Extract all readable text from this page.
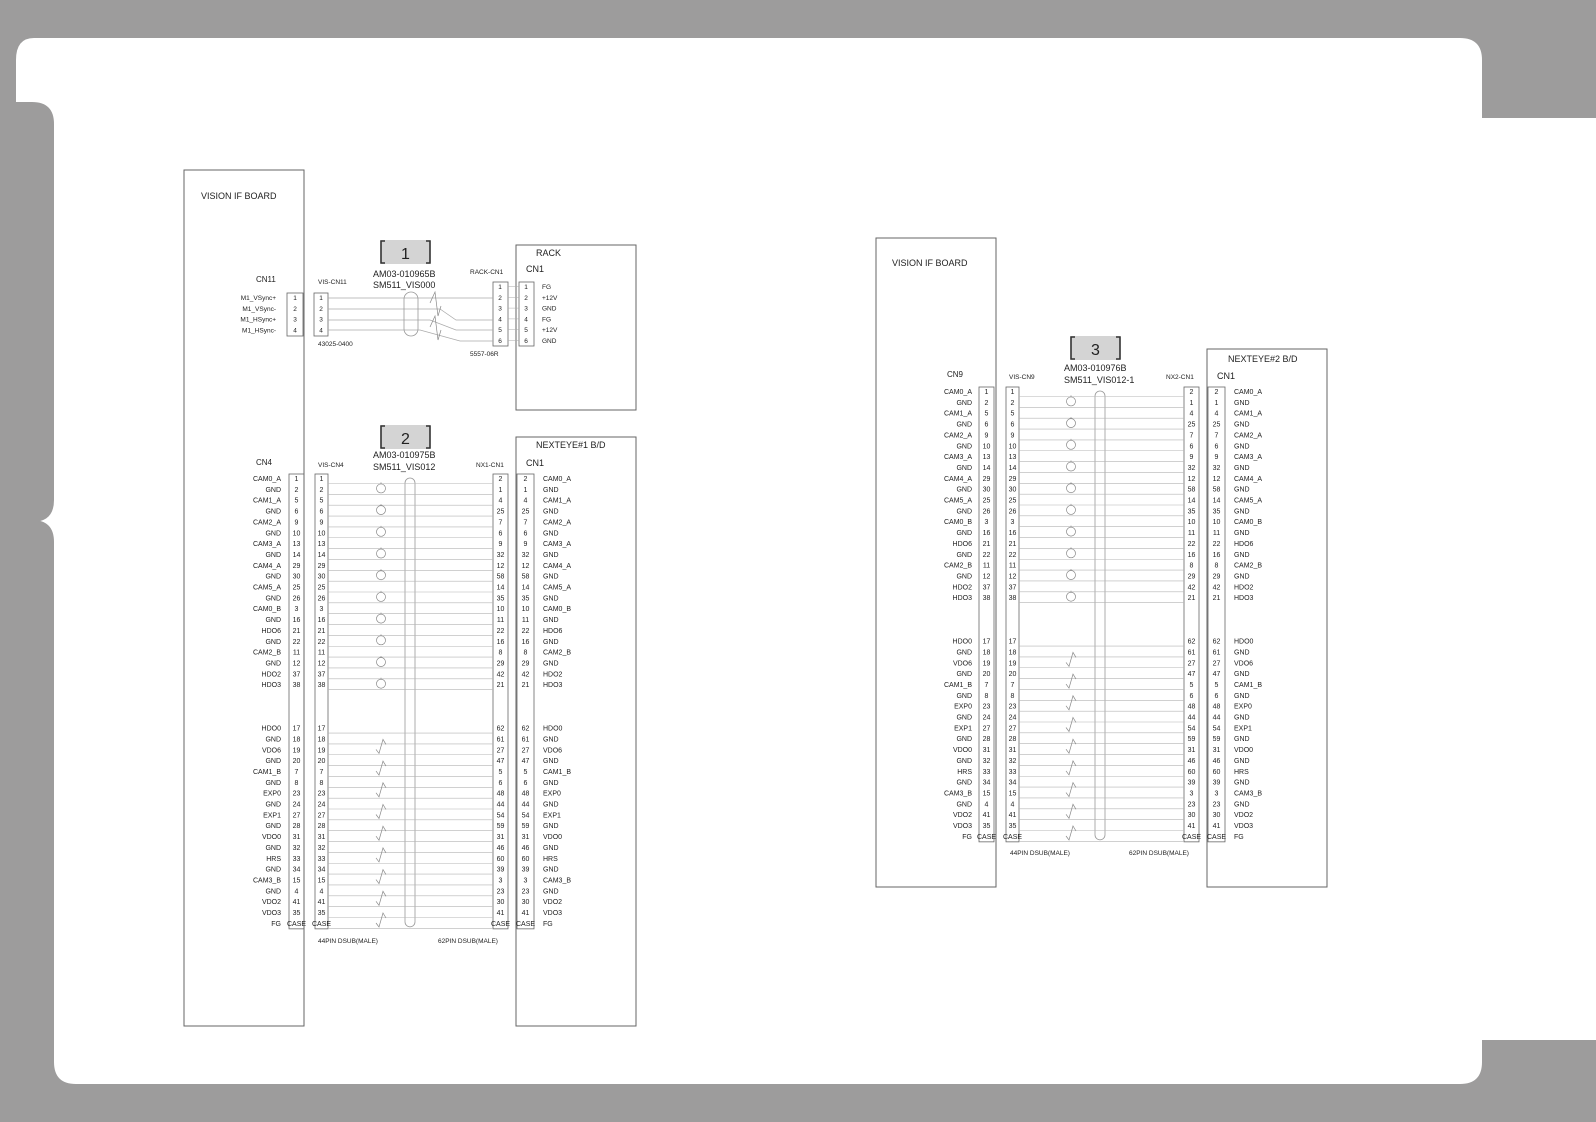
VISION IF BOARD
RACK
CN1
1
AM03-010965B
SM511_VIS000
CN11	VIS-CN11
RACK-CN1
M1_VSync+	1	1
M1_VSync-	2	2
M1_HSync+	3	3
M1_HSync-	4	4
1	1 FG
2	2 +12V
3	3 GND
4	4 FG
5	5 +12V
6	6 GND
43025-0400
5557-06R
NEXTEYE#1 B/D
CN1
2
AM03-010975B
SM511_VIS012
CN4	VIS-CN4	NX1-CN1
CAM0_A 1	1	2	2 CAM0_A
GND 2	2	1	1 GND
CAM1_A 5	5	4	4 CAM1_A
GND 6	6	25 25 GND
CAM2_A 9	9	7	7 CAM2_A
GND 10 10	6	6 GND
CAM3_A 13 13	9	9 CAM3_A
GND 14 14	32 32 GND
CAM4_A 29 29	12 12 CAM4_A
GND 30 30	58 58 GND
CAM5_A 25 25	14 14 CAM5_A
GND 26 26	35 35 GND
CAM0_B 3	3	10 10 CAM0_B
GND 16 16	11	11 GND
HDO6 21 21	22 22 HDO6
GND 22 22	16 16 GND
CAM2_B 11	11	8	8 CAM2_B
GND 12 12	29 29 GND
HDO2 37 37	42 42 HDO2
HDO3 38 38	21 21 HDO3
HDO0 17 17	62 62 HDO0
GND 18 18	61 61 GND
VDO6 19 19	27 27 VDO6
GND 20 20	47 47 GND
CAM1_B 7	7	5	5 CAM1_B
GND 8	8	6	6 GND
EXP0 23 23	48 48 EXP0
GND 24 24	44 44 GND
EXP1 27 27	54 54 EXP1
GND 28 28	59 59 GND
VDO0 31 31	31 31 VDO0
GND 32 32	46 46 GND
HRS 33 33	60 60 HRS
GND 34 34	39 39 GND
CAM3_B 15 15	3	3 CAM3_B
GND 4	4	23 23 GND
VDO2 41 41	30 30 VDO2
VDO3 35 35	41 41 VDO3
FG CASE CASE	CASE CASE FG
44PIN DSUB(MALE)	62PIN DSUB(MALE)
VISION IF BOARD
NEXTEYE#2 B/D
CN1
3
AM03-010976B
SM511_VIS012-1
CN9	VIS-CN9	NX2-CN1
CAM0_A 1	1	2	2 CAM0_A
GND 2	2	1	1 GND
CAM1_A 5	5	4	4 CAM1_A
GND 6	6	25 25 GND
CAM2_A 9	9	7	7 CAM2_A
GND 10	10	6	6 GND
CAM3_A 13	13	9	9 CAM3_A
GND 14	14	32 32 GND
CAM4_A 29	29	12 12 CAM4_A
GND 30	30	58 58 GND
CAM5_A 25	25	14 14 CAM5_A
GND 26	26	35 35 GND
CAM0_B 3	3	10 10 CAM0_B
GND 16	16	11	11 GND
HDO6 21	21	22 22 HDO6
GND 22	22	16 16 GND
CAM2_B 11	11	8	8 CAM2_B
GND 12	12	29 29 GND
HDO2 37	37	42 42 HDO2
HDO3 38	38	21 21 HDO3
HDO0 17	17	62 62 HDO0
GND 18	18	61 61 GND
VDO6 19	19	27 27 VDO6
GND 20	20	47 47 GND
CAM1_B 7	7	5	5 CAM1_B
GND 8	8	6	6 GND
EXP0 23	23	48 48 EXP0
GND 24	24	44 44 GND
EXP1 27	27	54 54 EXP1
GND 28	28	59 59 GND
VDO0 31	31	31 31 VDO0
GND 32	32	46 46 GND
HRS 33	33	60 60 HRS
GND 34	34	39 39 GND
CAM3_B 15	15	3	3 CAM3_B
GND 4	4	23 23 GND
VDO2 41	41	30 30 VDO2
VDO3 35	35	41 41 VDO3
FG CASE CASE	CASE CASE FG
44PIN DSUB(MALE)	62PIN DSUB(MALE)
